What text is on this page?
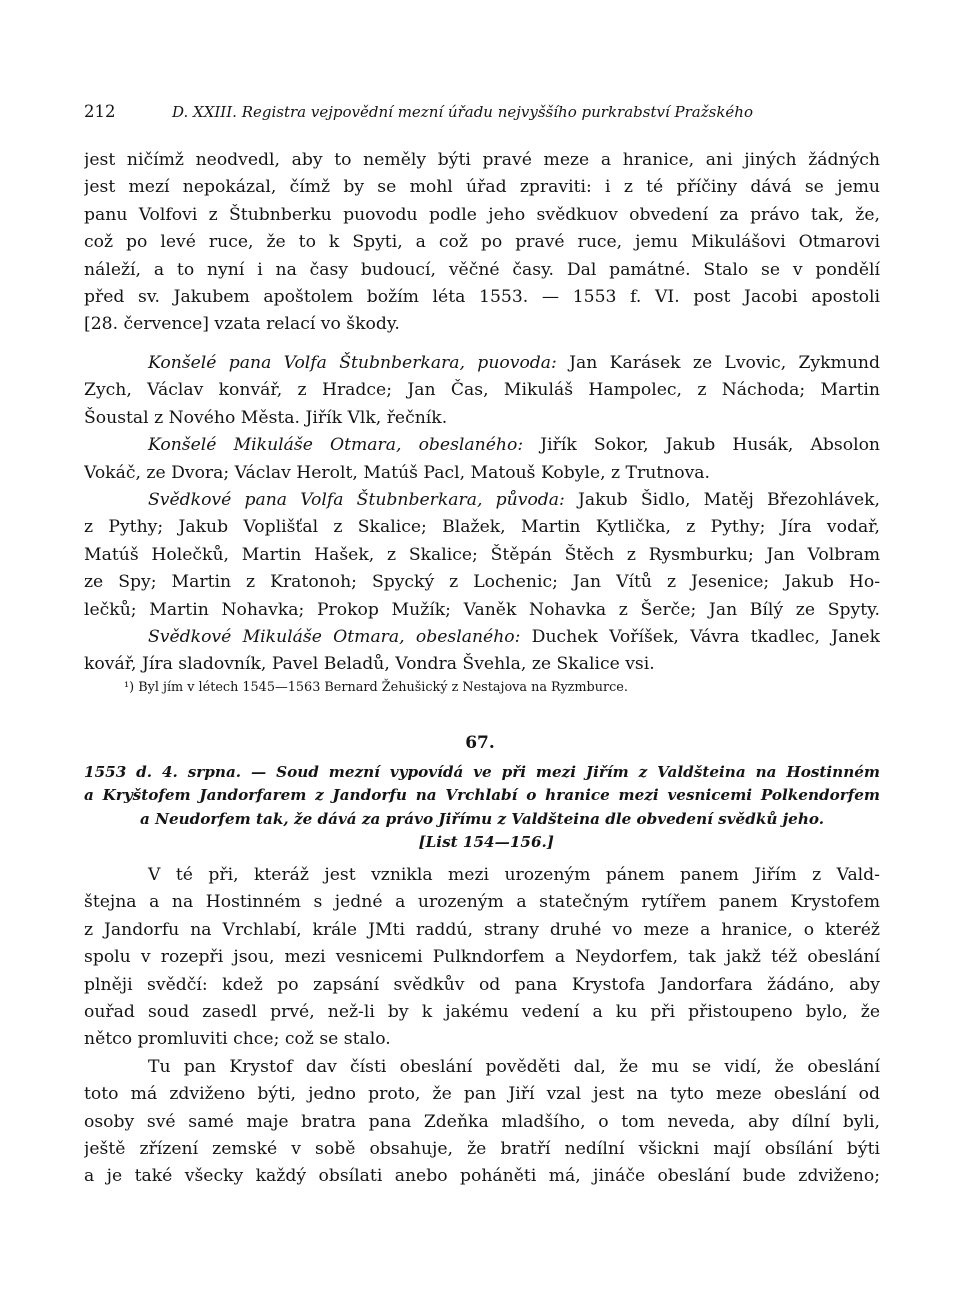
212	D. XXIII. Registra vejpovědní mezní úřadu nejvyššího purkrabství Pražského
jest ničímž neodvedl, aby to neměly býti pravé meze a hranice, ani jiných žádných
jest mezí nepokázal, čímž by se mohl úřad zpraviti: i z té příčiny dává se jemu
panu Volfovi z Štubnberku puovodu podle jeho svědkuov obvedení za právo tak, že,
což po levé ruce, že to k Spyti, a což po pravé ruce, jemu Mikulášovi Otmarovi
náleží, a to nyní i na časy budoucí, věčné časy. Dal památné. Stalo se v pondělí
před sv. Jakubem apoštolem božím léta 1553. — 1553 f. VI. post Jacobi apostoli
[28. července] vzata relací vo škody.
Konšelé pana Volfa Štubnberkara, puovoda: Jan Karásek ze Lvovic, Zykmund
Zych, Václav konvář, z Hradce; Jan Čas, Mikuláš Hampolec, z Náchoda; Martin
Šoustal z Nového Města. Jiřík Vlk, řečník.
Konšelé Mikuláše Otmara, obeslaného: Jiřík Sokor, Jakub Husák, Absolon
Vokáč, ze Dvora; Václav Herolt, Matúš Pacl, Matouš Kobyle, z Trutnova.
Svědkové pana Volfa Štubnberkara, původa: Jakub Šidlo, Matěj Březohlávek,
z Pythy; Jakub Voplišťal z Skalice; Blažek, Martin Kytlička, z Pythy; Jíra vodař,
Matúš Holečků, Martin Hašek, z Skalice; Štěpán Štěch z Rysmburku; Jan Volbram
ze Spy; Martin z Kratonoh; Spycký z Lochenic; Jan Vítů z Jesenice; Jakub Ho-
lečků; Martin Nohavka; Prokop Mužík; Vaněk Nohavka z Šerče; Jan Bílý ze Spyty.
Svědkové Mikuláše Otmara, obeslaného: Duchek Voříšek, Vávra tkadlec, Janek
kovář, Jíra sladovník, Pavel Beladů, Vondra Švehla, ze Skalice vsi.
¹) Byl jím v létech 1545—1563 Bernard Žehušický z Nestajova na Ryzmburce.
67.
1553 d. 4. srpna. — Soud mezní vypovídá ve při mezi Jiřím z Valdšteina na Hostinném
a Kryštofem Jandorfarem z Jandorfu na Vrchlabí o hranice mezi vesnicemi Polkendorfem
a Neudorfem tak, že dává za právo Jiřímu z Valdšteina dle obvedení svědků jeho.
[List 154—156.]
V té při, kteráž jest vznikla mezi urozeným pánem panem Jiřím z Vald-
štejna a na Hostinném s jedné a urozeným a statečným rytířem panem Krystofem
z Jandorfu na Vrchlabí, krále JMti raddú, strany druhé vo meze a hranice, o kteréž
spolu v rozepři jsou, mezi vesnicemi Pulkndorfem a Neydorfem, tak jakž též obeslání
plněji svědčí: kdež po zapsání svědkův od pana Krystofa Jandorfara žádáno, aby
ouřad soud zasedl prvé, než-li by k jakému vedení a ku při přistoupeno bylo, že
nětco promluviti chce; což se stalo.
Tu pan Krystof dav čísti obeslání pověděti dal, že mu se vidí, že obeslání
toto má zdviženo býti, jedno proto, že pan Jiří vzal jest na tyto meze obeslání od
osoby své samé maje bratra pana Zdeňka mladšího, o tom neveda, aby dílní byli,
ještě zřízení zemské v sobě obsahuje, že bratří nedílní všicknі mají obsílání býti
a je také všecky každý obsílati anebo poháněti má, jináče obeslání bude zdviženo;
